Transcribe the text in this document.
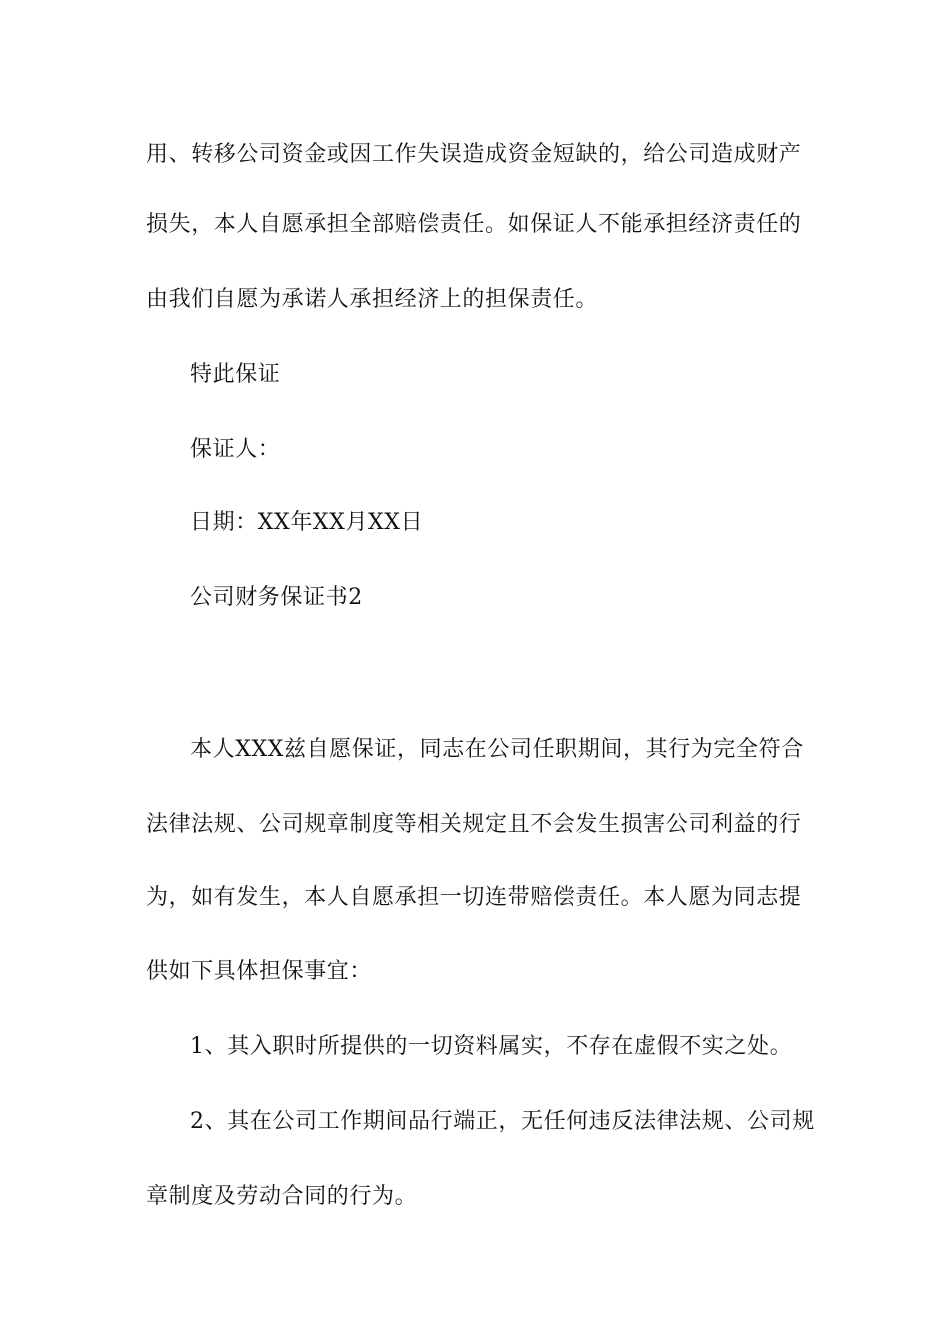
用、转移公司资金或因工作失误造成资金短缺的，给公司造成财产
损失，本人自愿承担全部赔偿责任。如保证人不能承担经济责任的
由我们自愿为承诺人承担经济上的担保责任。
特此保证
保证人：
日期：XX年XX月XX日
公司财务保证书2
本人XXX兹自愿保证，同志在公司任职期间，其行为完全符合
法律法规、公司规章制度等相关规定且不会发生损害公司利益的行
为，如有发生，本人自愿承担一切连带赔偿责任。本人愿为同志提
供如下具体担保事宜：
1、其入职时所提供的一切资料属实，不存在虚假不实之处。
2、其在公司工作期间品行端正，无任何违反法律法规、公司规
章制度及劳动合同的行为。
